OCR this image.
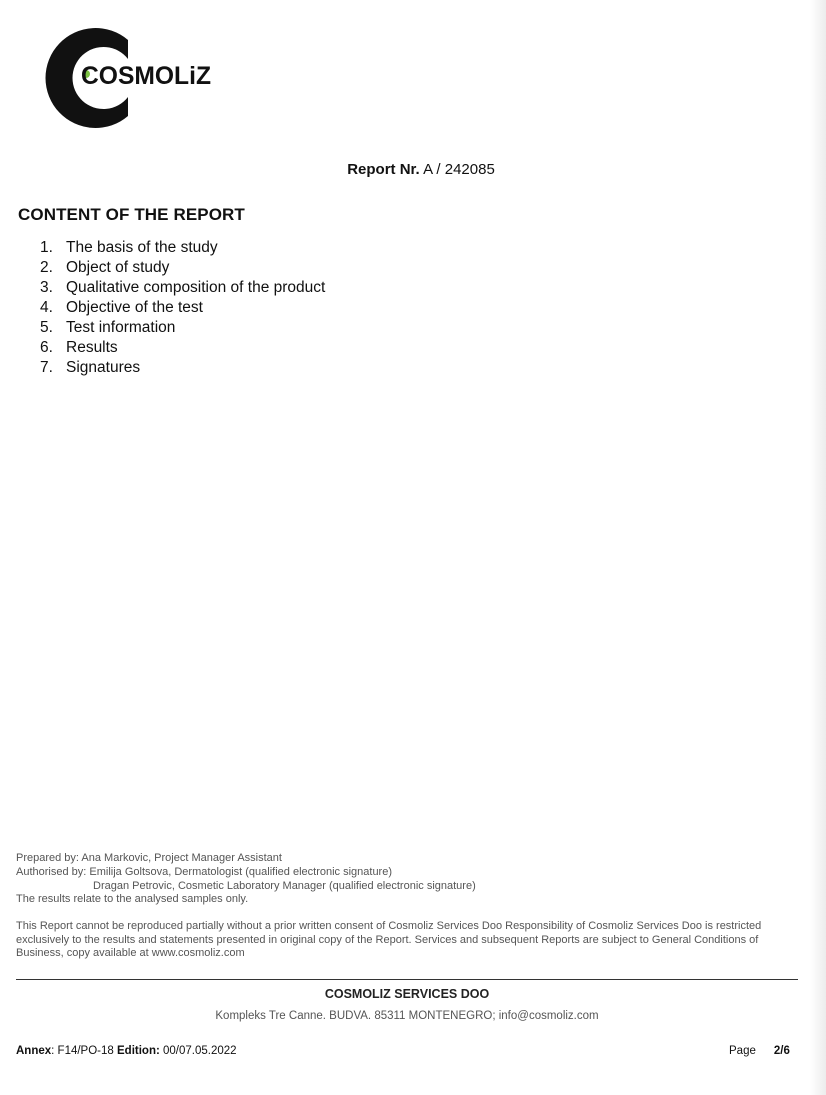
COSMOLiZ
Report Nr. A / 242085
CONTENT OF THE REPORT
1. The basis of the study
2. Object of study
3. Qualitative composition of the product
4. Objective of the test
5. Test information
6. Results
7. Signatures
Prepared by: Ana Markovic, Project Manager Assistant
Authorised by: Emilija Goltsova, Dermatologist (qualified electronic signature)
Dragan Petrovic, Cosmetic Laboratory Manager (qualified electronic signature)
The results relate to the analysed samples only.
This Report cannot be reproduced partially without a prior written consent of Cosmoliz Services Doo Responsibility of Cosmoliz Services Doo is restricted exclusively to the results and statements presented in original copy of the Report. Services and subsequent Reports are subject to General Conditions of Business, copy available at www.cosmoliz.com
COSMOLIZ SERVICES DOO
Kompleks Tre Canne. BUDVA. 85311 MONTENEGRO; info@cosmoliz.com
Annex: F14/PO-18 Edition: 00/07.05.2022	Page 2/6
